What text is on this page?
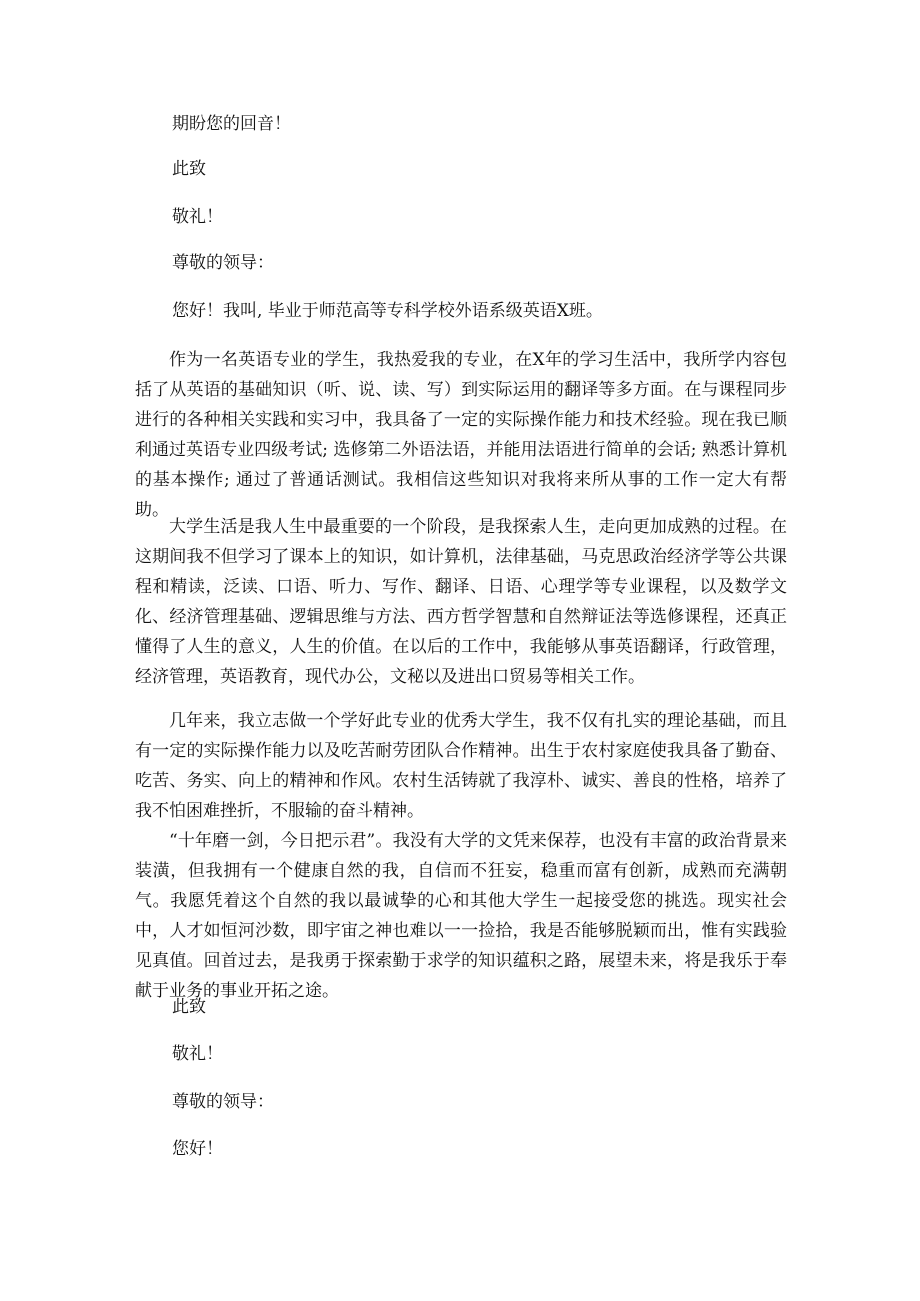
期盼您的回音！
此致
敬礼！
尊敬的领导：
您好！我叫, 毕业于师范高等专科学校外语系级英语X班。
作为一名英语专业的学生，我热爱我的专业，在X年的学习生活中，我所学内容包括了从英语的基础知识（听、说、读、写）到实际运用的翻译等多方面。在与课程同步进行的各种相关实践和实习中，我具备了一定的实际操作能力和技术经验。现在我已顺利通过英语专业四级考试; 选修第二外语法语，并能用法语进行简单的会话; 熟悉计算机的基本操作; 通过了普通话测试。我相信这些知识对我将来所从事的工作一定大有帮助。
大学生活是我人生中最重要的一个阶段，是我探索人生，走向更加成熟的过程。在这期间我不但学习了课本上的知识，如计算机，法律基础，马克思政治经济学等公共课程和精读，泛读、口语、听力、写作、翻译、日语、心理学等专业课程，以及数学文化、经济管理基础、逻辑思维与方法、西方哲学智慧和自然辩证法等选修课程，还真正懂得了人生的意义，人生的价值。在以后的工作中，我能够从事英语翻译，行政管理，经济管理，英语教育，现代办公，文秘以及进出口贸易等相关工作。
几年来，我立志做一个学好此专业的优秀大学生，我不仅有扎实的理论基础，而且有一定的实际操作能力以及吃苦耐劳团队合作精神。出生于农村家庭使我具备了勤奋、吃苦、务实、向上的精神和作风。农村生活铸就了我淳朴、诚实、善良的性格，培养了我不怕困难挫折，不服输的奋斗精神。
“十年磨一剑，今日把示君”。我没有大学的文凭来保荐，也没有丰富的政治背景来装潢，但我拥有一个健康自然的我，自信而不狂妄，稳重而富有创新，成熟而充满朝气。我愿凭着这个自然的我以最诚挚的心和其他大学生一起接受您的挑选。现实社会中，人才如恒河沙数，即宇宙之神也难以一一捡拾，我是否能够脱颖而出，惟有实践验见真值。回首过去，是我勇于探索勤于求学的知识蕴积之路，展望未来，将是我乐于奉献于业务的事业开拓之途。
此致
敬礼！
尊敬的领导：
您好！
